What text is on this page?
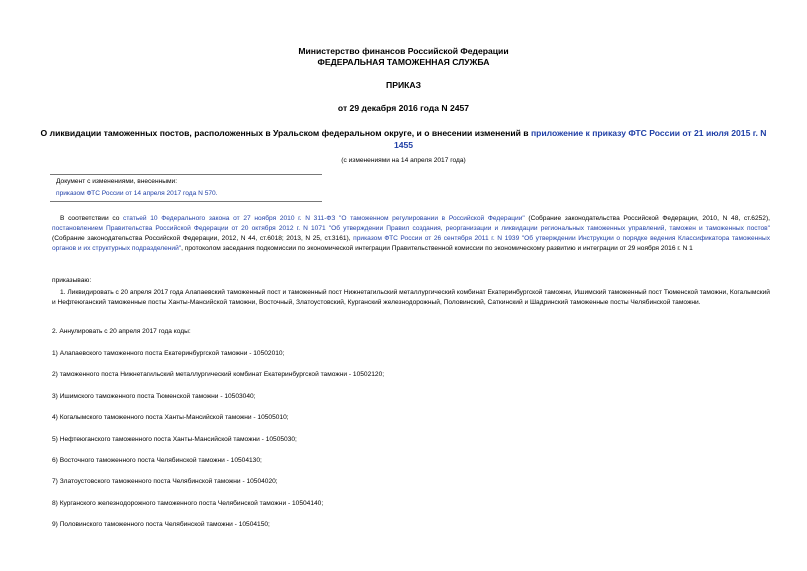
Министерство финансов Российской Федерации
ФЕДЕРАЛЬНАЯ ТАМОЖЕННАЯ СЛУЖБА
ПРИКАЗ
от 29 декабря 2016 года N 2457
О ликвидации таможенных постов, расположенных в Уральском федеральном округе, и о внесении изменений в приложение к приказу ФТС России от 21 июля 2015 г. N 1455
(с изменениями на 14 апреля 2017 года)
Документ с изменениями, внесенными:
приказом ФТС России от 14 апреля 2017 года N 570.
В соответствии со статьей 10 Федерального закона от 27 ноября 2010 г. N 311-ФЗ "О таможенном регулировании в Российской Федерации" (Собрание законодательства Российской Федерации, 2010, N 48, ст.6252), постановлением Правительства Российской Федерации от 20 октября 2012 г. N 1071 "Об утверждении Правил создания, реорганизации и ликвидации региональных таможенных управлений, таможен и таможенных постов" (Собрание законодательства Российской Федерации, 2012, N 44, ст.6018; 2013, N 25, ст.3161), приказом ФТС России от 26 сентября 2011 г. N 1939 "Об утверждении Инструкции о порядке ведения Классификатора таможенных органов и их структурных подразделений", протоколом заседания подкомиссии по экономической интеграции Правительственной комиссии по экономическому развитию и интеграции от 29 ноября 2016 г. N 1
приказываю:
1. Ликвидировать с 20 апреля 2017 года Алапаевский таможенный пост и таможенный пост Нижнетагильский металлургический комбинат Екатеринбургской таможни, Ишимский таможенный пост Тюменской таможни, Когалымский и Нефтеюганский таможенные посты Ханты-Мансийской таможни, Восточный, Златоустовский, Курганский железнодорожный, Половинский, Саткинский и Шадринский таможенные посты Челябинской таможни.
2. Аннулировать с 20 апреля 2017 года коды:
1) Алапаевского таможенного поста Екатеринбургской таможни - 10502010;
2) таможенного поста Нижнетагильский металлургический комбинат Екатеринбургской таможни - 10502120;
3) Ишимского таможенного поста Тюменской таможни - 10503040;
4) Когалымского таможенного поста Ханты-Мансийской таможни - 10505010;
5) Нефтеюганского таможенного поста Ханты-Мансийской таможни - 10505030;
6) Восточного таможенного поста Челябинской таможни - 10504130;
7) Златоустовского таможенного поста Челябинской таможни - 10504020;
8) Курганского железнодорожного таможенного поста Челябинской таможни - 10504140;
9) Половинского таможенного поста Челябинской таможни - 10504150;
